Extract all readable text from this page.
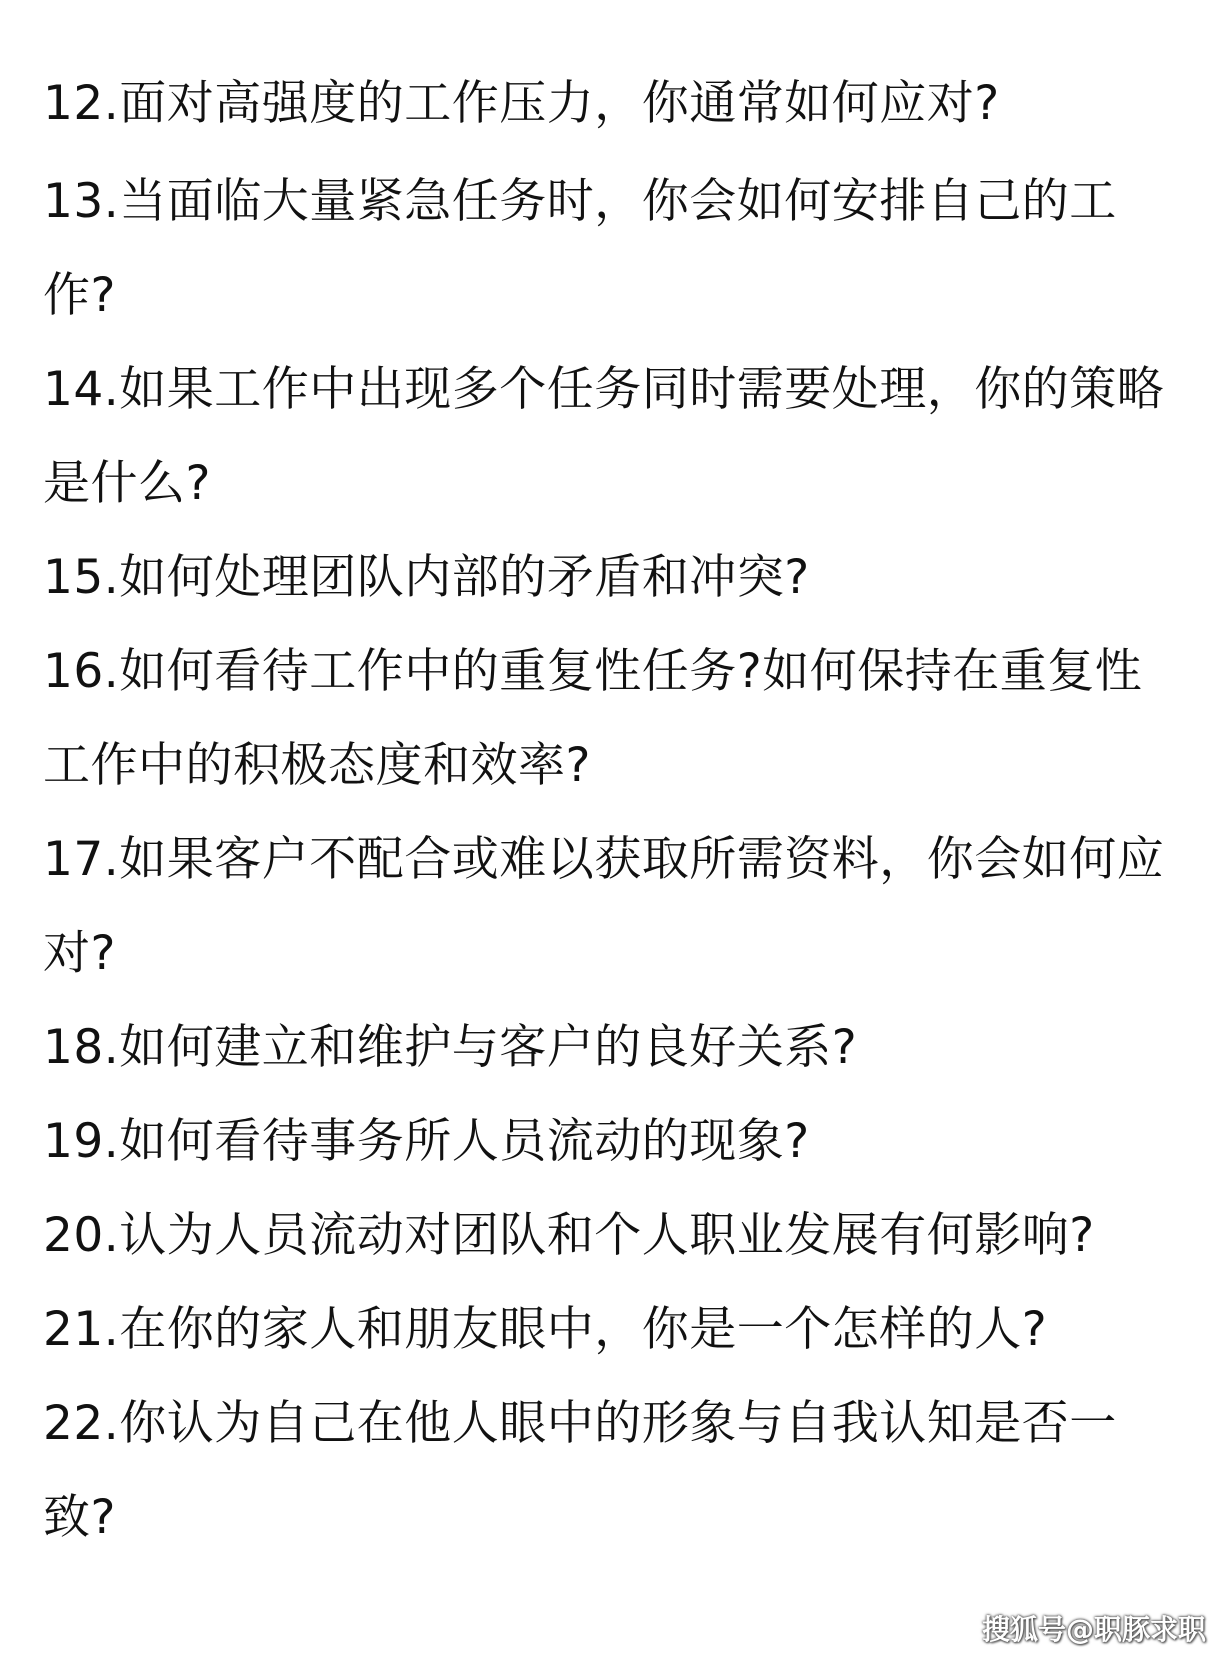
12.面对高强度的工作压力，你通常如何应对?
13.当面临大量紧急任务时，你会如何安排自己的工
作?
14.如果工作中出现多个任务同时需要处理，你的策略
是什么?
15.如何处理团队内部的矛盾和冲突?
16.如何看待工作中的重复性任务?如何保持在重复性
工作中的积极态度和效率?
17.如果客户不配合或难以获取所需资料，你会如何应
对?
18.如何建立和维护与客户的良好关系?
19.如何看待事务所人员流动的现象?
20.认为人员流动对团队和个人职业发展有何影响?
21.在你的家人和朋友眼中，你是一个怎样的人?
22.你认为自己在他人眼中的形象与自我认知是否一
致?
搜狐号@职豚求职
